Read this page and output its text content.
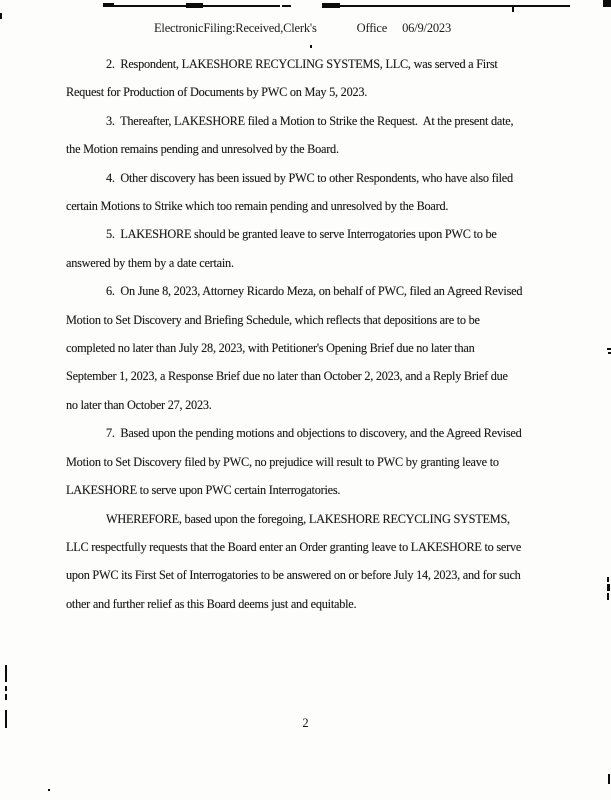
ElectronicFiling:Received,Clerk's	Office 06/9/2023
2.  Respondent, LAKESHORE RECYCLING SYSTEMS, LLC, was served a First
Request for Production of Documents by PWC on May 5, 2023.
3.  Thereafter, LAKESHORE filed a Motion to Strike the Request.  At the present date,
the Motion remains pending and unresolved by the Board.
4.  Other discovery has been issued by PWC to other Respondents, who have also filed
certain Motions to Strike which too remain pending and unresolved by the Board.
5.  LAKESHORE should be granted leave to serve Interrogatories upon PWC to be
answered by them by a date certain.
6.  On June 8, 2023, Attorney Ricardo Meza, on behalf of PWC, filed an Agreed Revised
Motion to Set Discovery and Briefing Schedule, which reflects that depositions are to be
completed no later than July 28, 2023, with Petitioner's Opening Brief due no later than
September 1, 2023, a Response Brief due no later than October 2, 2023, and a Reply Brief due
no later than October 27, 2023.
7.  Based upon the pending motions and objections to discovery, and the Agreed Revised
Motion to Set Discovery filed by PWC, no prejudice will result to PWC by granting leave to
LAKESHORE to serve upon PWC certain Interrogatories.
WHEREFORE, based upon the foregoing, LAKESHORE RECYCLING SYSTEMS,
LLC respectfully requests that the Board enter an Order granting leave to LAKESHORE to serve
upon PWC its First Set of Interrogatories to be answered on or before July 14, 2023, and for such
other and further relief as this Board deems just and equitable.
2
